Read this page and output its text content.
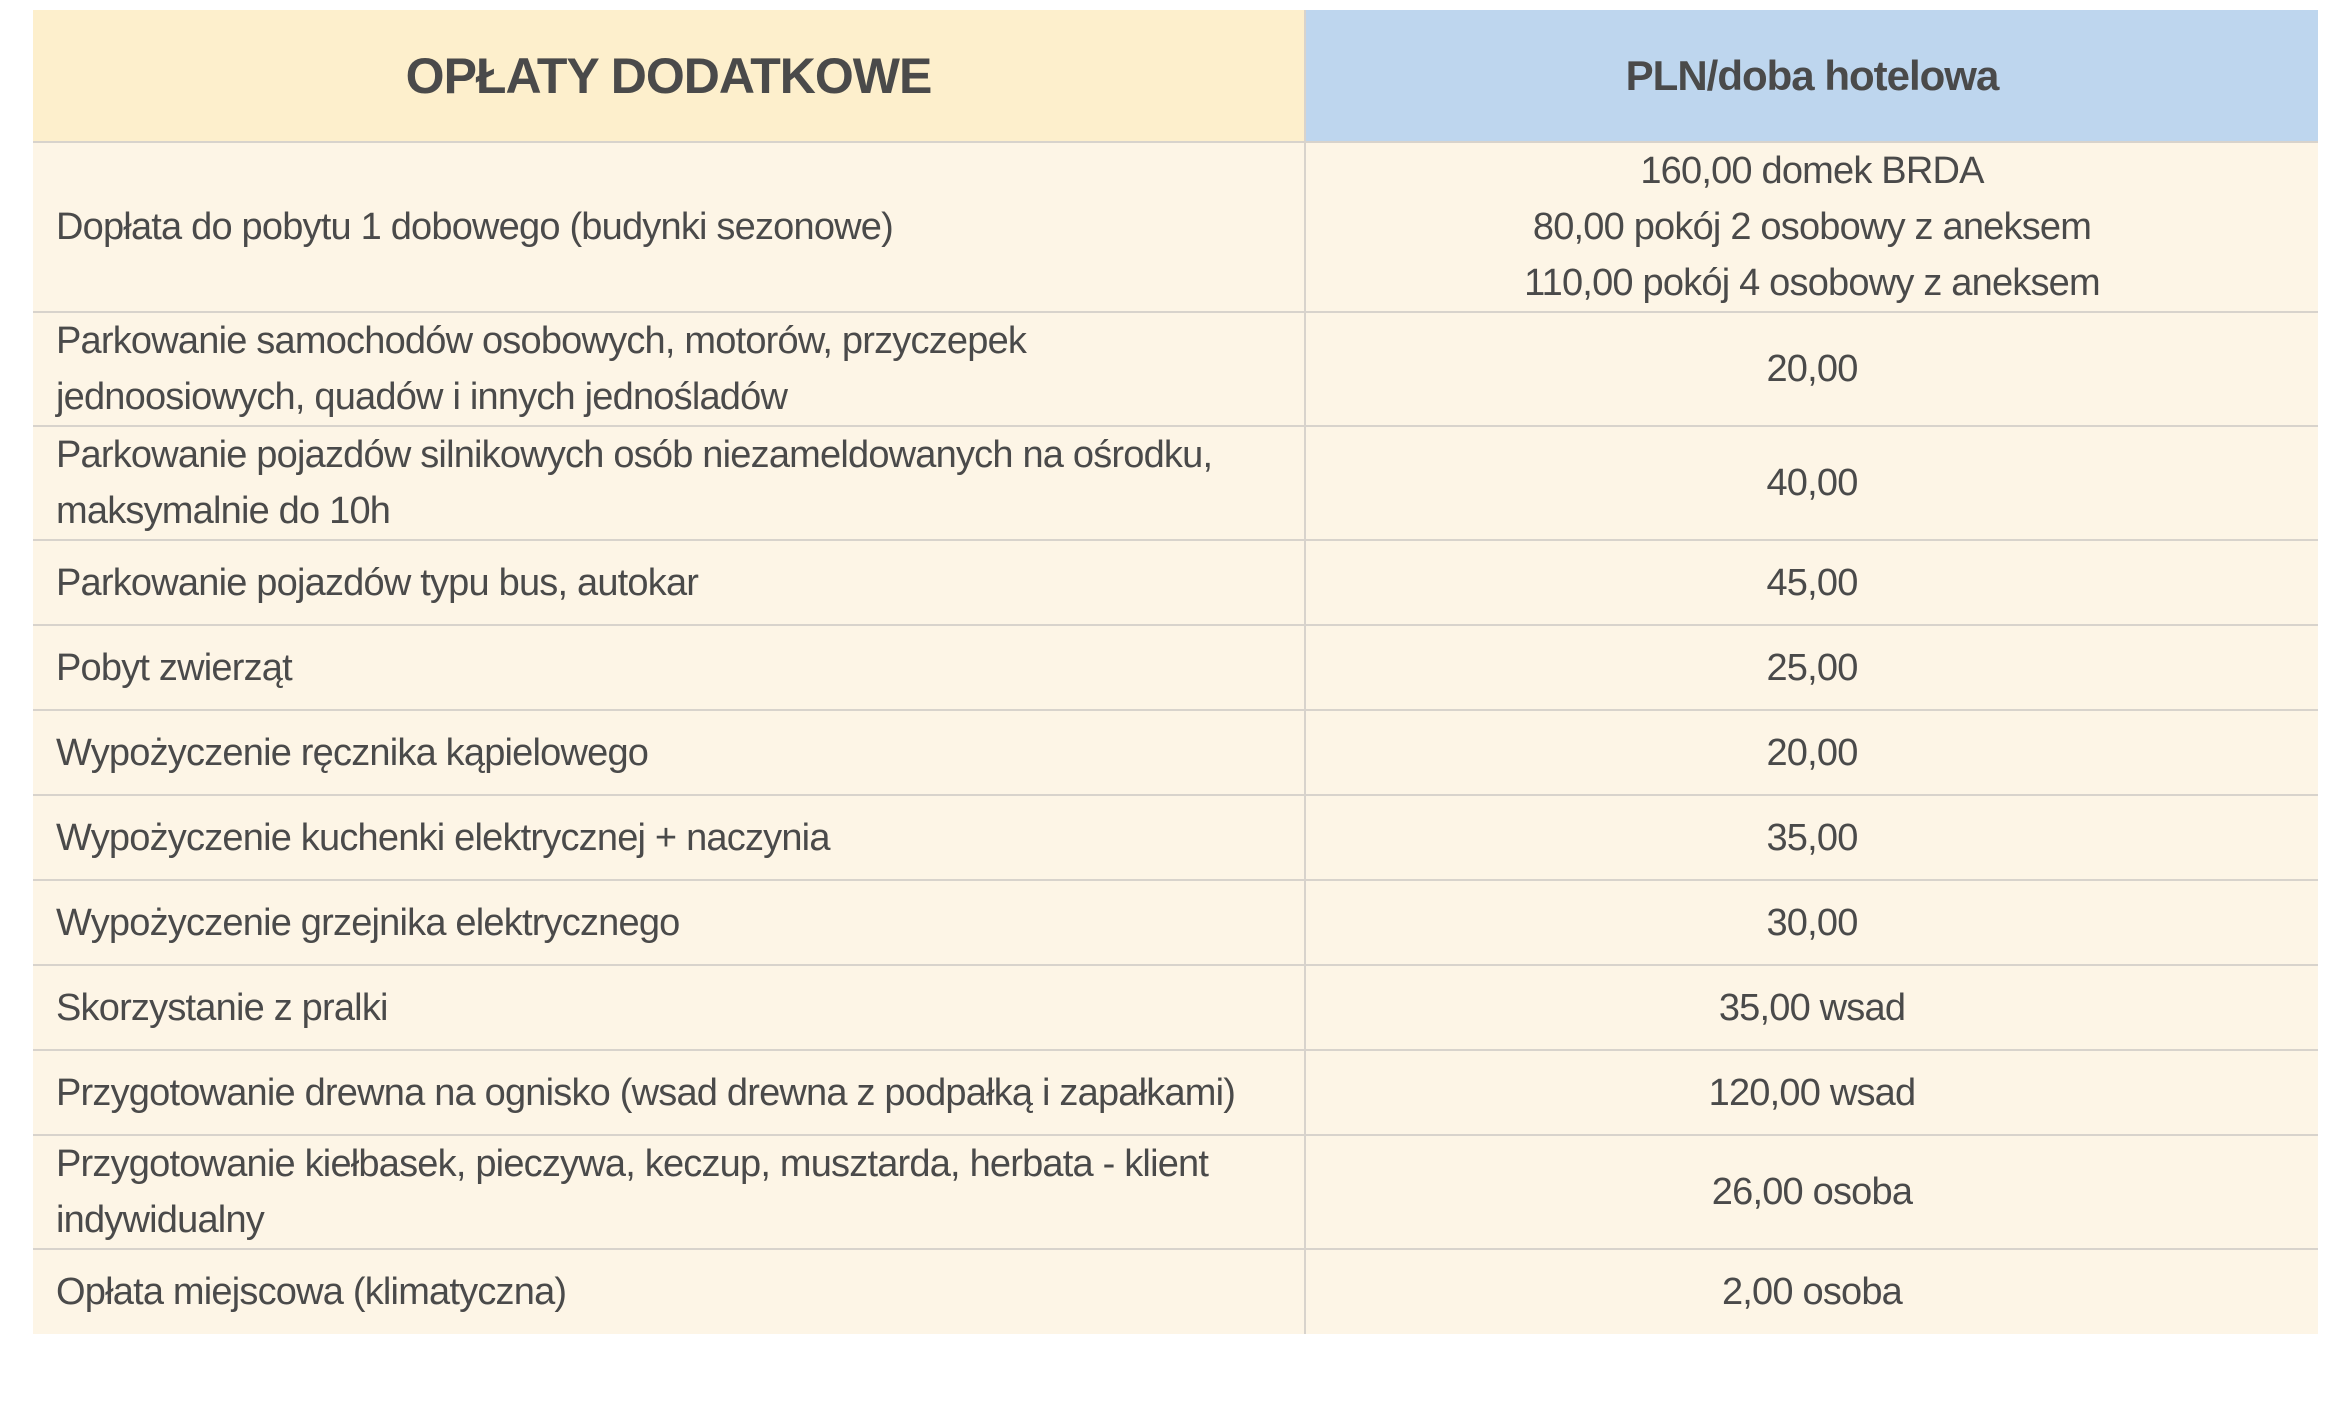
OPŁATY DODATKOWE	PLN/doba hotelowa
Dopłata do pobytu 1 dobowego (budynki sezonowe)	160,00 domek BRDA
80,00 pokój 2 osobowy z aneksem
110,00 pokój 4 osobowy z aneksem

Parkowanie samochodów osobowych, motorów, przyczepek
jednoosiowych, quadów i innych jednośladów	20,00

Parkowanie pojazdów silnikowych osób niezameldowanych na ośrodku,
maksymalnie do 10h	40,00
Parkowanie pojazdów typu bus, autokar	45,00
Pobyt zwierząt	25,00
Wypożyczenie ręcznika kąpielowego	20,00
Wypożyczenie kuchenki elektrycznej + naczynia	35,00
Wypożyczenie grzejnika elektrycznego	30,00
Skorzystanie z pralki	35,00 wsad
Przygotowanie drewna na ognisko (wsad drewna z podpałką i zapałkami)	120,00 wsad

Przygotowanie kiełbasek, pieczywa, keczup, musztarda, herbata - klient
indywidualny	26,00 osoba
Opłata miejscowa (klimatyczna)	2,00 osoba
